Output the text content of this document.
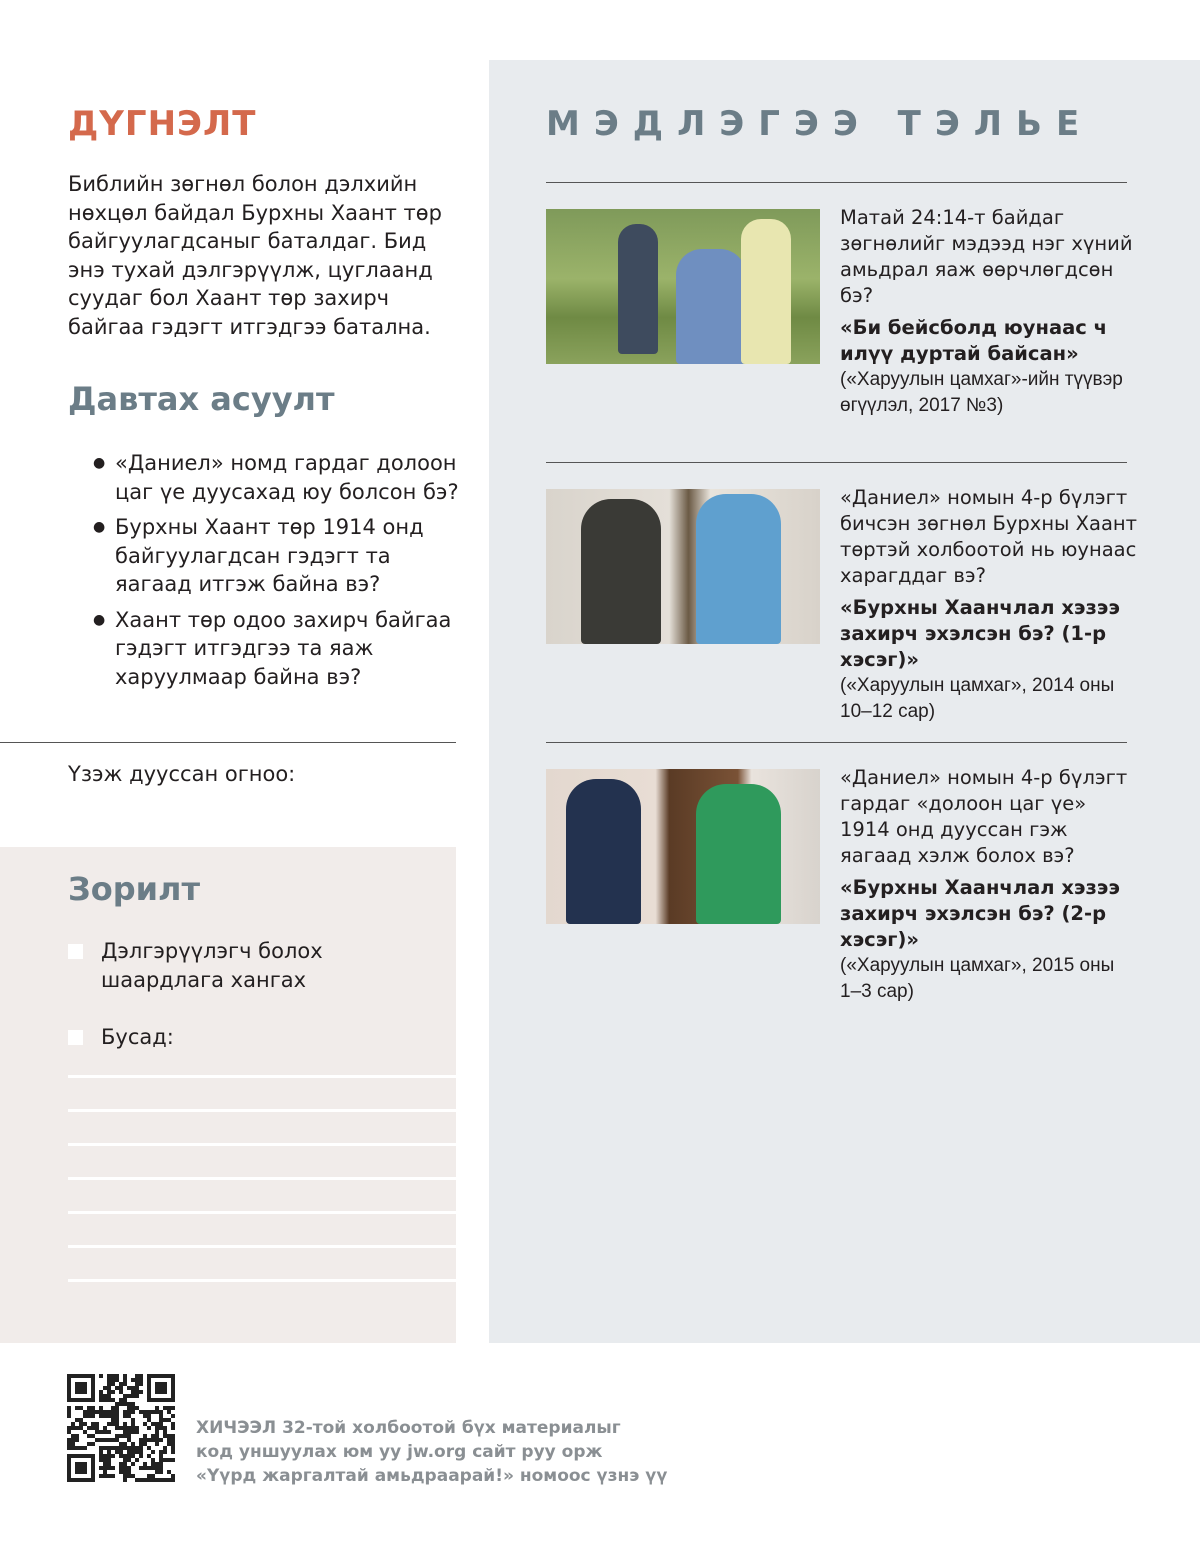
ДҮГНЭЛТ
Библийн зөгнөл болон дэлхийн нөхцөл байдал Бурхны Хаант төр байгуулагдсаныг баталдаг. Бид энэ тухай дэлгэрүүлж, цуглаанд суудаг бол Хаант төр захирч байгаа гэдэгт итгэдгээ батална.
Давтах асуулт
● «Даниел» номд гардаг долоон цаг үе дуусахад юу болсон бэ?
● Бурхны Хаант төр 1914 онд байгуулагдсан гэдэгт та яагаад итгэж байна вэ?
● Хаант төр одоо захирч байгаа гэдэгт итгэдгээ та яаж харуулмаар байна вэ?
Үзэж дууссан огноо:
Зорилт
Дэлгэрүүлэгч болох шаардлага хангах
Бусад:
МЭДЛЭГЭЭ ТЭЛЬЕ
Матай 24:14-т байдаг зөгнөлийг мэдээд нэг хүний амьдрал яаж өөрчлөгдсөн бэ?
«Би бейсболд юунаас ч илүү дуртай байсан»
(«Харуулын цамхаг»-ийн түүвэр өгүүлэл, 2017 №3)
«Даниел» номын 4-р бүлэгт бичсэн зөгнөл Бурхны Хаант төртэй холбоотой нь юунаас харагддаг вэ?
«Бурхны Хаанчлал хэзээ захирч эхэлсэн бэ? (1-р хэсэг)»
(«Харуулын цамхаг», 2014 оны 10–12 сар)
«Даниел» номын 4-р бүлэгт гардаг «долоон цаг үе» 1914 онд дууссан гэж яагаад хэлж болох вэ?
«Бурхны Хаанчлал хэзээ захирч эхэлсэн бэ? (2-р хэсэг)»
(«Харуулын цамхаг», 2015 оны 1–3 сар)
ХИЧЭЭЛ 32-той холбоотой бүх материалыг
код уншуулах юм уу jw.org сайт руу орж
«Үүрд жаргалтай амьдраарай!» номоос үзнэ үү
